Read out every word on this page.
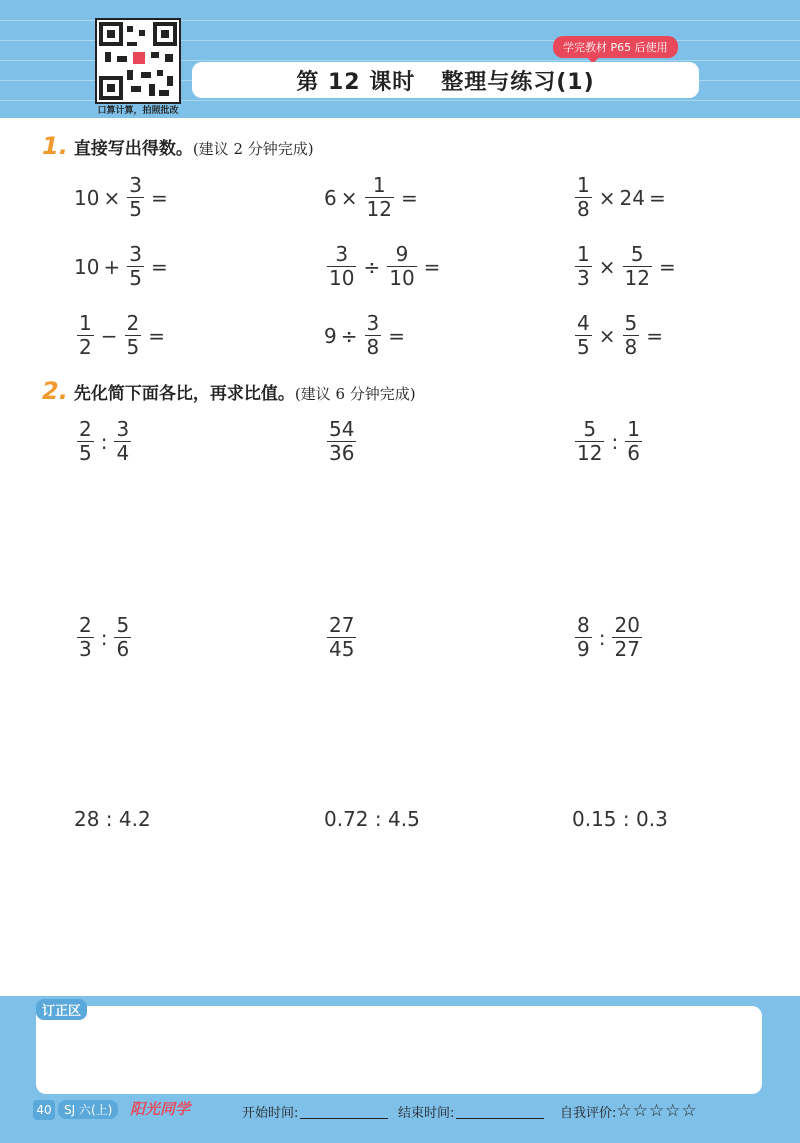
口算计算，拍照批改
学完教材 P65 后使用
第 12 课时 整理与练习(1)
1. 直接写出得数。(建议 2 分钟完成)
$10 \times \frac{3}{5}$ =	$6 \times \frac{1}{12}$ =	$\frac{1}{8} \times 24$ =
$10 + \frac{3}{5}$ =	$\frac{3}{10} \div \frac{9}{10}$ =	$\frac{1}{3} \times \frac{5}{12}$ =
$\frac{1}{2} - \frac{2}{5}$ =	$9 \div \frac{3}{8}$ =	$\frac{4}{5} \times \frac{5}{8}$ =
2. 先化简下面各比，再求比值。(建议 6 分钟完成)
$\frac{2}{5}$ : $\frac{3}{4}$	$\frac{54}{36}$	$\frac{5}{12}$ : $\frac{1}{6}$
$\frac{2}{3}$ : $\frac{5}{6}$	$\frac{27}{45}$	$\frac{8}{9}$ : $\frac{20}{27}$
28 : 4.2	0.72 : 4.5	0.15 : 0.3
订正区
40	SJ 六(上)	阳光同学	开始时间:	结束时间:	自我评价: ☆☆☆☆☆
